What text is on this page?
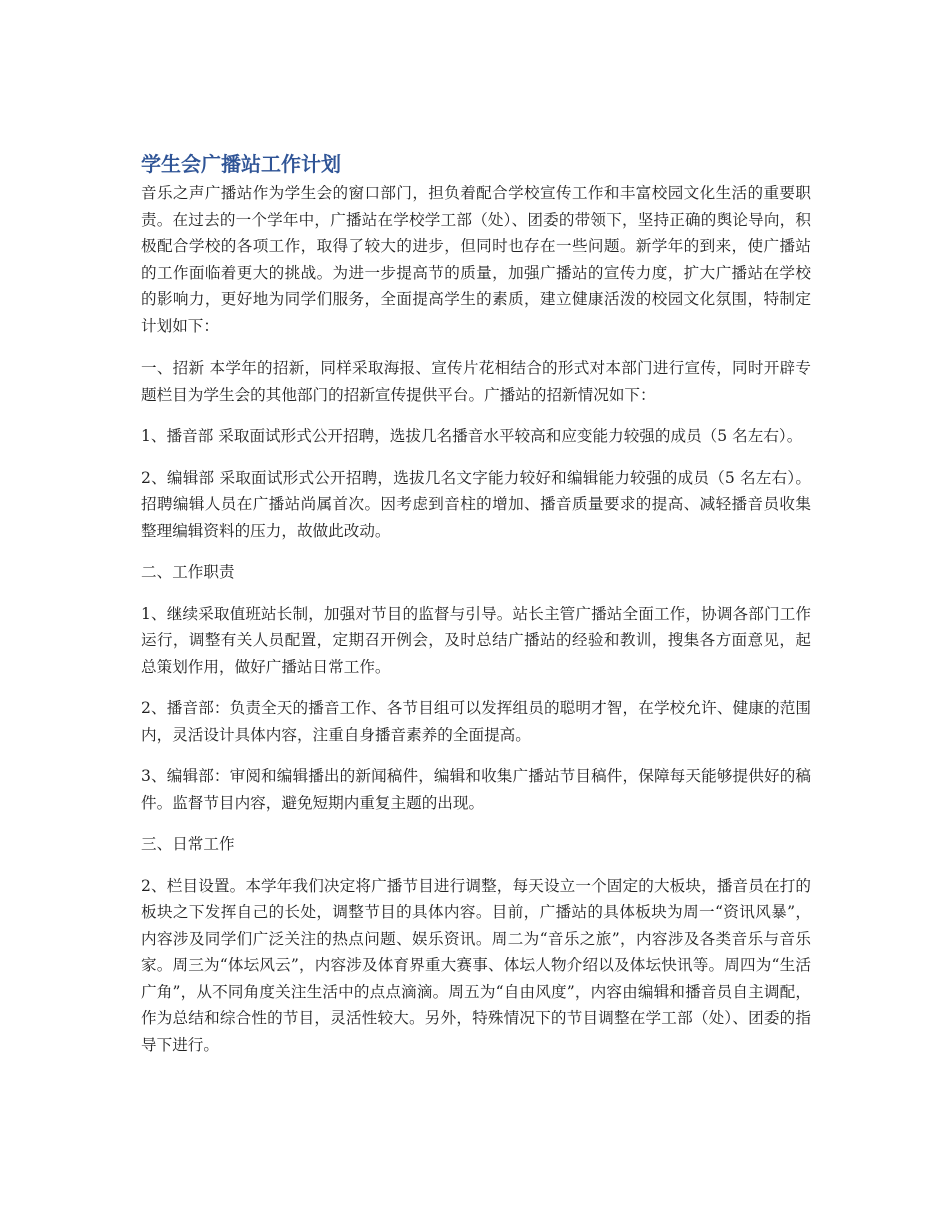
学生会广播站工作计划

音乐之声广播站作为学生会的窗口部门，担负着配合学校宣传工作和丰富校园文化生活的重要职责。在过去的一个学年中，广播站在学校学工部（处）、团委的带领下，坚持正确的舆论导向，积极配合学校的各项工作，取得了较大的进步，但同时也存在一些问题。新学年的到来，使广播站的工作面临着更大的挑战。为进一步提高节的质量，加强广播站的宣传力度，扩大广播站在学校的影响力，更好地为同学们服务，全面提高学生的素质，建立健康活泼的校园文化氛围，特制定计划如下：

一、招新 本学年的招新，同样采取海报、宣传片花相结合的形式对本部门进行宣传，同时开辟专题栏目为学生会的其他部门的招新宣传提供平台。广播站的招新情况如下：

1、播音部 采取面试形式公开招聘，选拔几名播音水平较高和应变能力较强的成员（5 名左右）。

2、编辑部 采取面试形式公开招聘，选拔几名文字能力较好和编辑能力较强的成员（5 名左右）。招聘编辑人员在广播站尚属首次。因考虑到音柱的增加、播音质量要求的提高、减轻播音员收集整理编辑资料的压力，故做此改动。

二、工作职责

1、继续采取值班站长制，加强对节目的监督与引导。站长主管广播站全面工作，协调各部门工作运行，调整有关人员配置，定期召开例会，及时总结广播站的经验和教训，搜集各方面意见，起总策划作用，做好广播站日常工作。

2、播音部：负责全天的播音工作、各节目组可以发挥组员的聪明才智，在学校允许、健康的范围内，灵活设计具体内容，注重自身播音素养的全面提高。

3、编辑部：审阅和编辑播出的新闻稿件，编辑和收集广播站节目稿件，保障每天能够提供好的稿件。监督节目内容，避免短期内重复主题的出现。

三、日常工作

2、栏目设置。本学年我们决定将广播节目进行调整，每天设立一个固定的大板块，播音员在打的板块之下发挥自己的长处，调整节目的具体内容。目前，广播站的具体板块为周一“资讯风暴”，内容涉及同学们广泛关注的热点问题、娱乐资讯。周二为“音乐之旅”，内容涉及各类音乐与音乐家。周三为“体坛风云”，内容涉及体育界重大赛事、体坛人物介绍以及体坛快讯等。周四为“生活广角”，从不同角度关注生活中的点点滴滴。周五为“自由风度”，内容由编辑和播音员自主调配，作为总结和综合性的节目，灵活性较大。另外，特殊情况下的节目调整在学工部（处）、团委的指导下进行。
